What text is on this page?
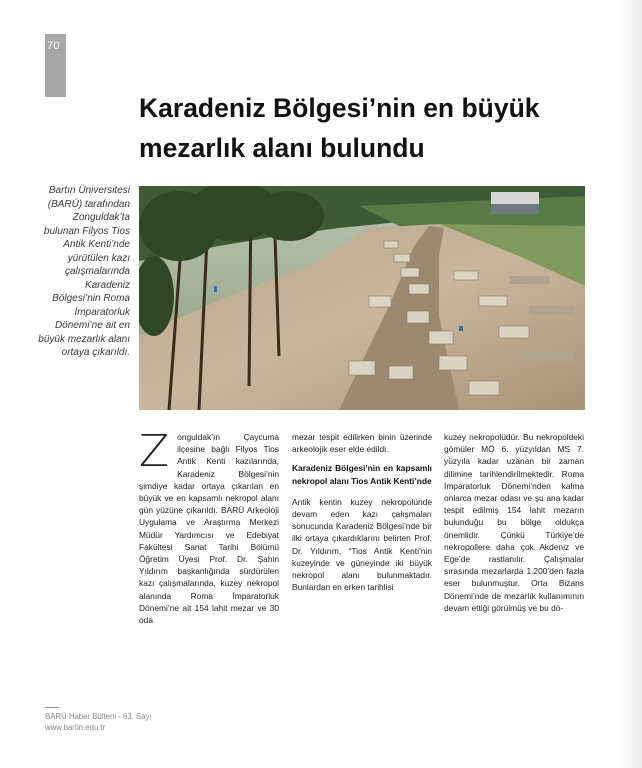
70
Karadeniz Bölgesi’nin en büyük
mezarlık alanı bulundu
Bartın Üniversitesi (BARÜ) tarafından Zonguldak’ta bulunan Filyos Tios Antik Kenti’nde yürütülen kazı çalışmalarında Karadeniz Bölgesi’nin Roma İmparatorluk Dönemi’ne ait en büyük mezarlık alanı ortaya çıkarıldı.
Z onguldak’ın Çaycuma ilçesine bağlı Filyos Tios Antik Kenti kazılarında, Karadeniz Bölgesi’nin şimdiye kadar ortaya çıkarılan en büyük ve en kapsamlı nekropol alanı gün yüzüne çıkarıldı. BARÜ Arkeoloji Uygulama ve Araştırma Merkezi Müdür Yardımcısı ve Edebiyat Fakültesi Sanat Tarihi Bölümü Öğretim Üyesi Prof. Dr. Şahin Yıldırım başkanlığında sürdürülen kazı çalışmalarında, kuzey nekropol alanında Roma İmparatorluk Dönemi’ne ait 154 lahit mezar ve 30 oda

mezar tespit edilirken binin üzerinde arkeolojik eser elde edildi.

Karadeniz Bölgesi’nin en kapsamlı nekropol alanı Tios Antik Kenti’nde

Antik kentin kuzey nekropolünde devam eden kazı çalışmaları sonucunda Karadeniz Bölgesi’nde bir ilki ortaya çıkardıklarını belirten Prof. Dr. Yıldırım, “Tios Antik Kenti’nin kuzeyinde ve güneyinde iki büyük nekropol alanı bulunmaktadır. Bunlardan en erken tarihlisi

kuzey nekropolüdür. Bu nekropoldeki gömüler MÖ 6. yüzyıldan MS 7. yüzyıla kadar uzanan bir zaman dilimine tarihlendirilmektedir. Roma İmparatorluk Dönemi’nden kalma onlarca mezar odası ve şu ana kadar tespit edilmiş 154 lahit mezarın bulunduğu bu bölge oldukça önemlidir. Çünkü Türkiye’de nekropollere daha çok Akdeniz ve Ege’de rastlanılır. Çalışmalar sırasında mezarlarda 1.200’den fazla eser bulunmuştur. Orta Bizans Dönemi’nde de mezarlık kullanımının devam ettiği görülmüş ve bu dö-

BARÜ Haber Bülteni - 63. Sayı
www.bartin.edu.tr
